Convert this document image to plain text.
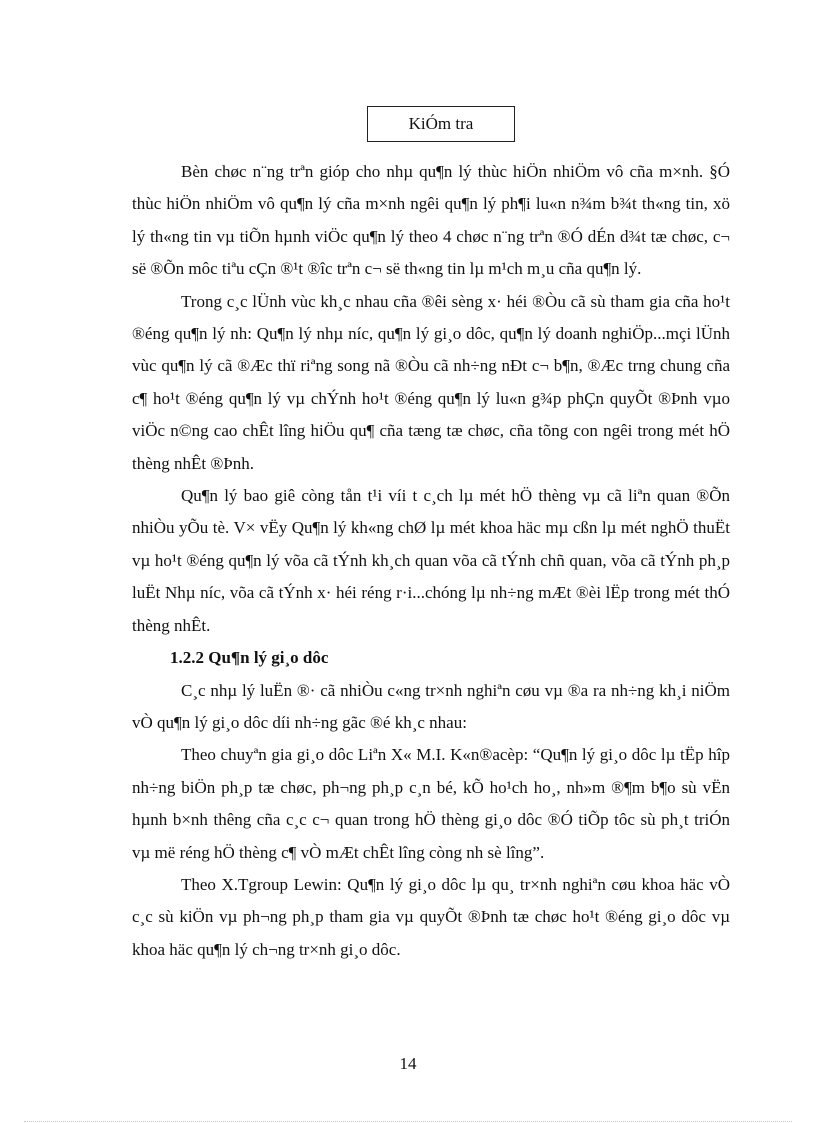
KiÓm tra

Bèn chøc n¨ng trªn gióp cho nhµ qu¶n lý thùc hiÖn nhiÖm vô cña m×nh. §Ó thùc hiÖn nhiÖm vô qu¶n lý cña m×nh ngêi qu¶n lý ph¶i lu«n n¾m b¾t th«ng tin, xö lý th«ng tin vµ tiÕn hµnh viÖc qu¶n lý theo 4 chøc n¨ng trªn ®Ó dÉn d¾t tæ chøc, c¬ së ®Õn môc tiªu cÇn ®¹t ®îc trªn c¬ së th«ng tin lµ m¹ch m¸u cña qu¶n lý.

Trong c¸c lÜnh vùc kh¸c nhau cña ®êi sèng x· héi ®Òu cã sù tham gia cña ho¹t ®éng qu¶n lý nh: Qu¶n lý nhµ níc, qu¶n lý gi¸o dôc, qu¶n lý doanh nghiÖp...mçi lÜnh vùc qu¶n lý cã ®Æc thï riªng song nã ®Òu cã nh÷ng nÐt c¬ b¶n, ®Æc trng chung cña c¶ ho¹t ®éng qu¶n lý vµ chÝnh ho¹t ®éng qu¶n lý lu«n g¾p phÇn quyÕt ®Þnh vµo viÖc n©ng cao chÊt lîng hiÖu qu¶ cña tæng tæ chøc, cña tõng con ngêi trong mét hÖ thèng nhÊt ®Þnh.

Qu¶n lý bao giê còng tån t¹i víi t c¸ch lµ mét hÖ thèng vµ cã liªn quan ®Õn nhiÒu yÕu tè. V× vËy Qu¶n lý kh«ng chØ lµ mét khoa häc mµ cßn lµ mét nghÖ thuËt vµ ho¹t ®éng qu¶n lý võa cã tÝnh kh¸ch quan võa cã tÝnh chñ quan, võa cã tÝnh ph¸p luËt Nhµ níc, võa cã tÝnh x· héi réng r·i...chóng lµ nh÷ng mÆt ®èi lËp trong mét thÓ thèng nhÊt.

1.2.2 Qu¶n lý gi¸o dôc

C¸c nhµ lý luËn ®· cã nhiÒu c«ng tr×nh nghiªn cøu vµ ®a ra nh÷ng kh¸i niÖm vÒ qu¶n lý gi¸o dôc díi nh÷ng gãc ®é kh¸c nhau:

Theo chuyªn gia gi¸o dôc Liªn X« M.I. K«n®acèp: “Qu¶n lý gi¸o dôc lµ tËp hîp nh÷ng biÖn ph¸p tæ chøc, ph¬ng ph¸p c¸n bé, kÕ ho¹ch ho¸, nh»m ®¶m b¶o sù vËn hµnh b×nh thêng cña c¸c c¬ quan trong hÖ thèng gi¸o dôc ®Ó tiÕp tôc sù ph¸t triÓn vµ më réng hÖ thèng c¶ vÒ mÆt chÊt lîng còng nh sè lîng”.

Theo X.Tgroup Lewin: Qu¶n lý gi¸o dôc lµ qu¸ tr×nh nghiªn cøu khoa häc vÒ c¸c sù kiÖn vµ ph¬ng ph¸p tham gia vµ quyÕt ®Þnh tæ chøc ho¹t ®éng gi¸o dôc vµ khoa häc qu¶n lý ch¬ng tr×nh gi¸o dôc.

14
